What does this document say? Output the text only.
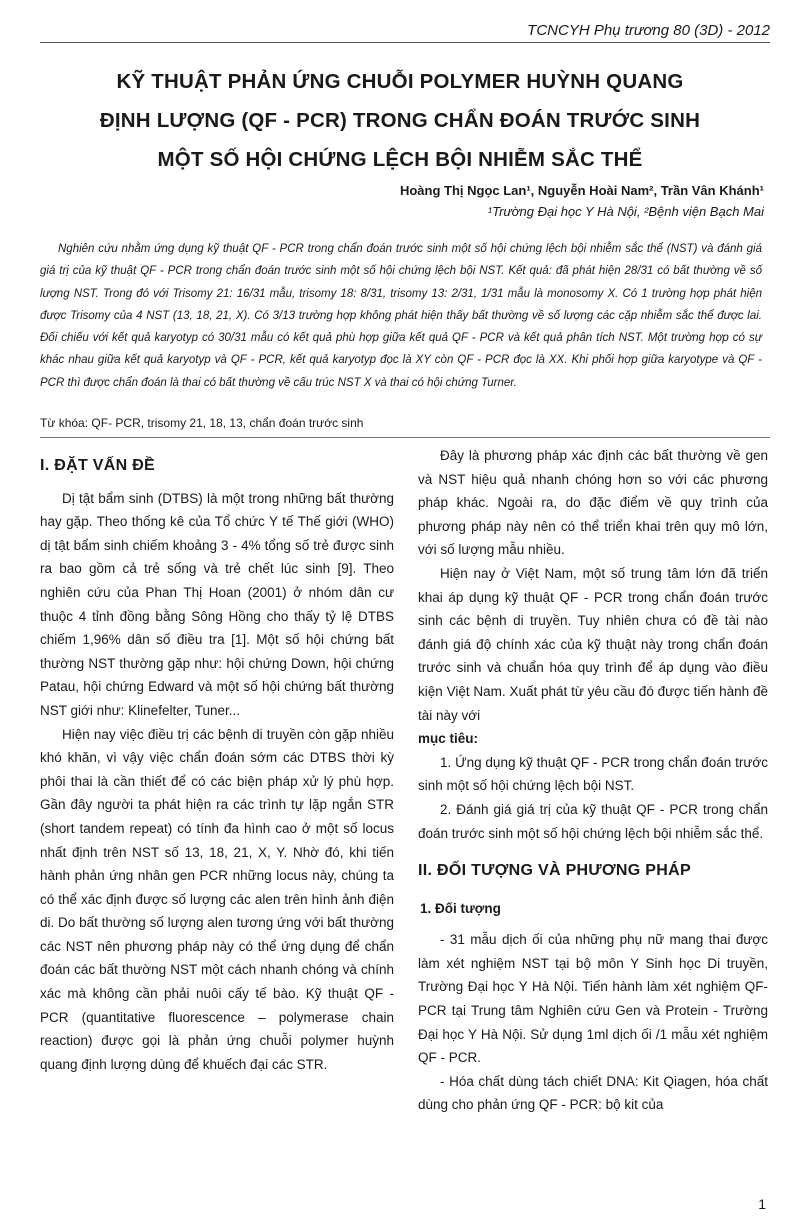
TCNCYH Phụ trương 80 (3D) - 2012
KỸ THUẬT PHẢN ỨNG CHUỖI POLYMER HUỲNH QUANG
ĐỊNH LƯỢNG (QF - PCR) TRONG CHẨN ĐOÁN TRƯỚC SINH
MỘT SỐ HỘI CHỨNG LỆCH BỘI NHIỄM SẮC THỂ
Hoàng Thị Ngọc Lan¹, Nguyễn Hoài Nam², Trần Vân Khánh¹
¹Trường Đại học Y Hà Nội, ²Bệnh viện Bạch Mai

Nghiên cứu nhằm ứng dụng kỹ thuật QF - PCR trong chẩn đoán trước sinh một số hội chứng lệch bội nhiễm sắc thể (NST) và đánh giá giá trị của kỹ thuật QF - PCR trong chẩn đoán trước sinh một số hội chứng lệch bội NST. Kết quả: đã phát hiện 28/31 có bất thường về số lượng NST. Trong đó với Trisomy 21: 16/31 mẫu, trisomy 18: 8/31, trisomy 13: 2/31, 1/31 mẫu là monosomy X. Có 1 trường hợp phát hiện được Trisomy của 4 NST (13, 18, 21, X). Có 3/13 trường hợp không phát hiện thấy bất thường về số lượng các cặp nhiễm sắc thể được lai. Đối chiếu với kết quả karyotyp có 30/31 mẫu có kết quả phù hợp giữa kết quả QF - PCR và kết quả phân tích NST. Một trường hợp có sự khác nhau giữa kết quả karyotyp và QF - PCR, kết quả karyotyp đọc là XY còn QF - PCR đọc là XX. Khi phối hợp giữa karyotype và QF - PCR thì được chẩn đoán là thai có bất thường về cấu trúc NST X và thai có hội chứng Turner.

Từ khóa: QF- PCR, trisomy 21, 18, 13, chẩn đoán trước sinh
I. ĐẶT VẤN ĐỀ

Dị tật bẩm sinh (DTBS) là một trong những bất thường hay gặp. Theo thống kê của Tổ chức Y tế Thế giới (WHO) dị tật bẩm sinh chiếm khoảng 3 - 4% tổng số trẻ được sinh ra bao gồm cả trẻ sống và trẻ chết lúc sinh [9]. Theo nghiên cứu của Phan Thị Hoan (2001) ở nhóm dân cư thuộc 4 tỉnh đồng bằng Sông Hồng cho thấy tỷ lệ DTBS chiếm 1,96% dân số điều tra [1]. Một số hội chứng bất thường NST thường gặp như: hội chứng Down, hội chứng Patau, hội chứng Edward và một số hội chứng bất thường NST giới như: Klinefelter, Tuner...

Hiện nay việc điều trị các bệnh di truyền còn gặp nhiều khó khăn, vì vậy việc chẩn đoán sớm các DTBS thời kỳ phôi thai là cần thiết để có các biện pháp xử lý phù hợp. Gần đây người ta phát hiện ra các trình tự lặp ngắn STR (short tandem repeat) có tính đa hình cao ở một số locus nhất định trên NST số 13, 18, 21, X, Y. Nhờ đó, khi tiến hành phản ứng nhân gen PCR những locus này, chúng ta có thể xác định được số lượng các alen trên hình ảnh điện di. Do bất thường số lượng alen tương ứng với bất thường các NST nên phương pháp này có thể ứng dụng để chẩn đoán các bất thường NST một cách nhanh chóng và chính xác mà không cần phải nuôi cấy tế bào. Kỹ thuật QF - PCR (quantitative fluorescence – polymerase chain reaction) được gọi là phản ứng chuỗi polymer huỳnh quang định lượng dùng để khuếch đại các STR.

Đây là phương pháp xác định các bất thường về gen và NST hiệu quả nhanh chóng hơn so với các phương pháp khác. Ngoài ra, do đặc điểm về quy trình của phương pháp này nên có thể triển khai trên quy mô lớn, với số lượng mẫu nhiều.

Hiện nay ở Việt Nam, một số trung tâm lớn đã triển khai áp dụng kỹ thuật QF - PCR trong chẩn đoán trước sinh các bệnh di truyền. Tuy nhiên chưa có đề tài nào đánh giá độ chính xác của kỹ thuật này trong chẩn đoán trước sinh và chuẩn hóa quy trình để áp dụng vào điều kiện Việt Nam. Xuất phát từ yêu cầu đó được tiến hành đề tài này với

mục tiêu:

1. Ứng dụng kỹ thuật QF - PCR trong chẩn đoán trước sinh một số hội chứng lệch bội NST.

2. Đánh giá giá trị của kỹ thuật QF - PCR trong chẩn đoán trước sinh một số hội chứng lệch bội nhiễm sắc thể.

II. ĐỐI TƯỢNG VÀ PHƯƠNG PHÁP
1. Đối tượng

- 31 mẫu dịch ối của những phụ nữ mang thai được làm xét nghiệm NST tại bộ môn Y Sinh học Di truyền, Trường Đại học Y Hà Nội. Tiến hành làm xét nghiệm QF- PCR tại Trung tâm Nghiên cứu Gen và Protein - Trường Đại học Y Hà Nội. Sử dụng 1ml dịch ối /1 mẫu xét nghiệm QF - PCR.

- Hóa chất dùng tách chiết DNA: Kit Qiagen, hóa chất dùng cho phản ứng QF - PCR: bộ kit của

1
